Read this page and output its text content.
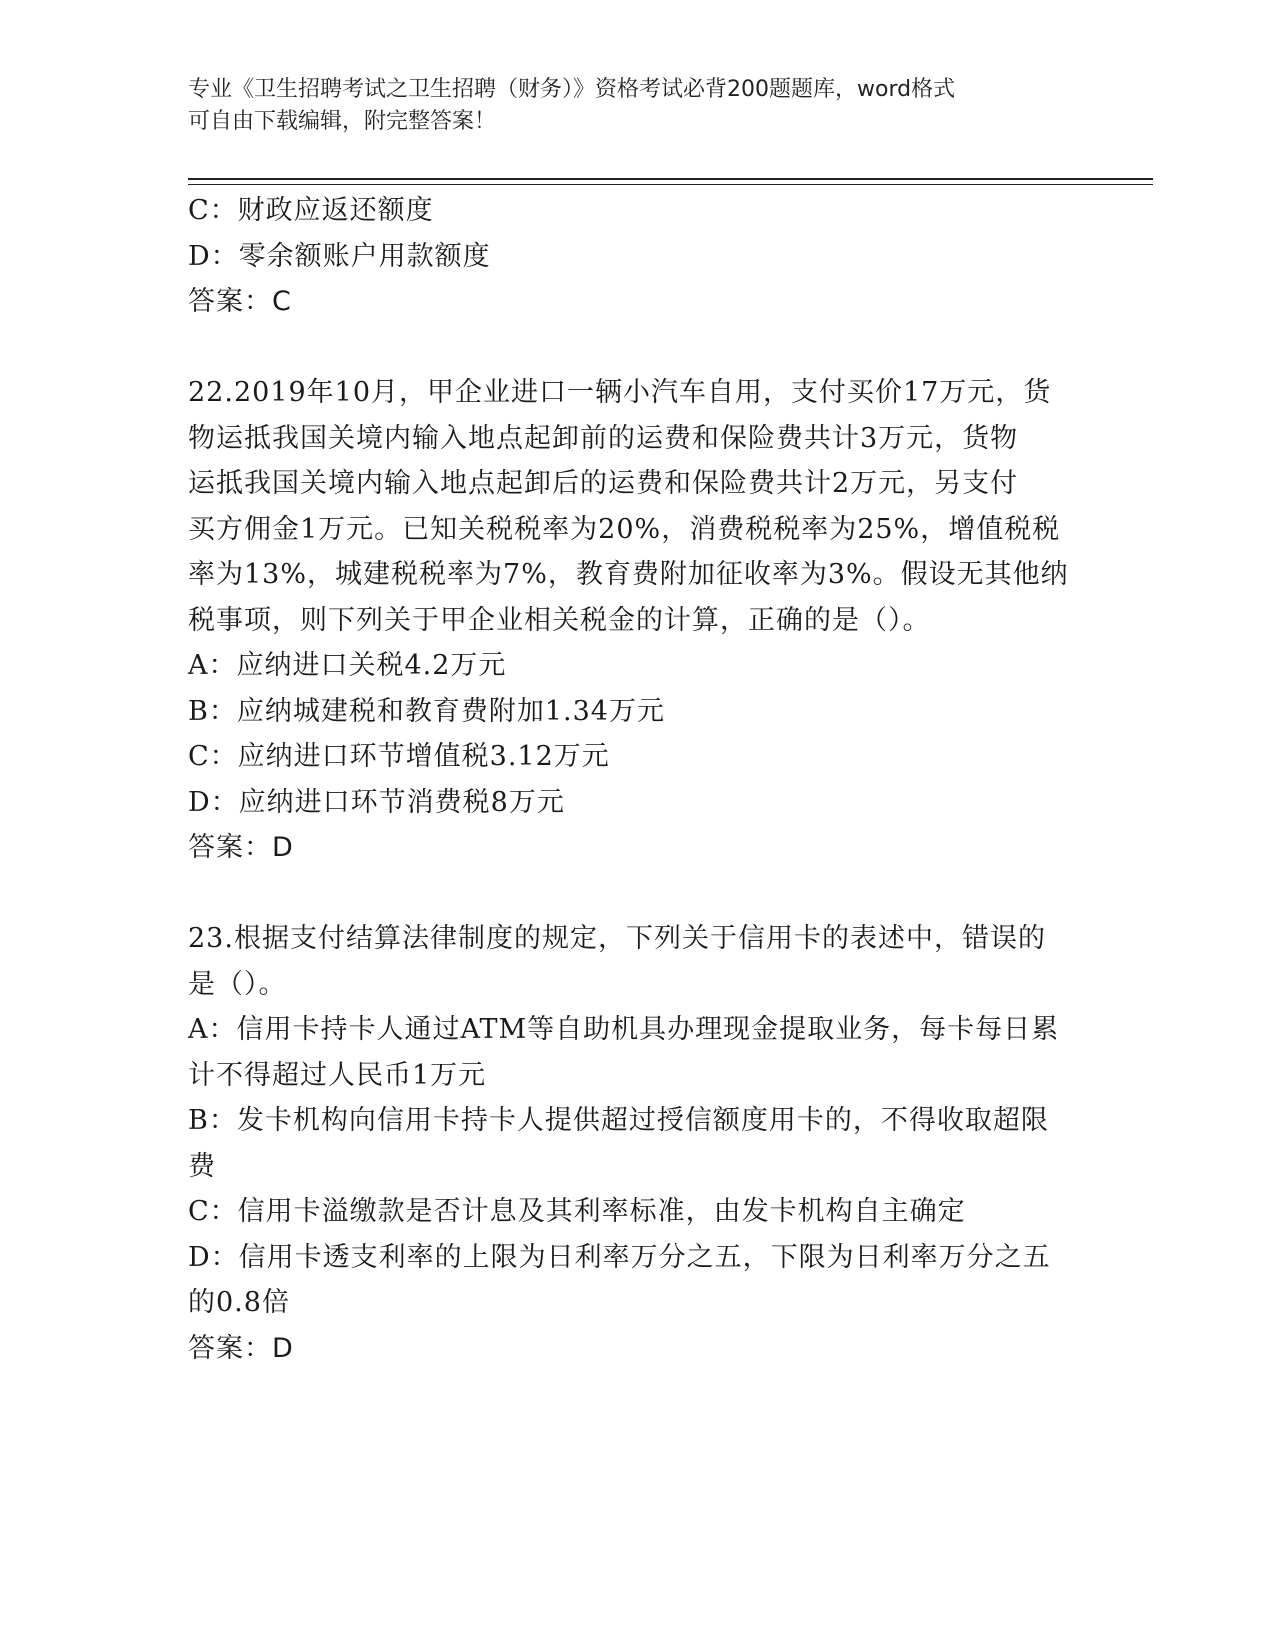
专业《卫生招聘考试之卫生招聘（财务）》资格考试必背200题题库，word格式
可自由下载编辑，附完整答案！
C：财政应返还额度
D：零余额账户用款额度
答案：C
22.2019年10月，甲企业进口一辆小汽车自用，支付买价17万元，货
物运抵我国关境内输入地点起卸前的运费和保险费共计3万元，货物
运抵我国关境内输入地点起卸后的运费和保险费共计2万元，另支付
买方佣金1万元。已知关税税率为20%，消费税税率为25%，增值税税
率为13%，城建税税率为7%，教育费附加征收率为3%。假设无其他纳
税事项，则下列关于甲企业相关税金的计算，正确的是（）。
A：应纳进口关税4.2万元
B：应纳城建税和教育费附加1.34万元
C：应纳进口环节增值税3.12万元
D：应纳进口环节消费税8万元
答案：D
23.根据支付结算法律制度的规定，下列关于信用卡的表述中，错误的
是（）。
A：信用卡持卡人通过ATM等自助机具办理现金提取业务，每卡每日累
计不得超过人民币1万元
B：发卡机构向信用卡持卡人提供超过授信额度用卡的，不得收取超限
费
C：信用卡溢缴款是否计息及其利率标准，由发卡机构自主确定
D：信用卡透支利率的上限为日利率万分之五，下限为日利率万分之五
的0.8倍
答案：D
